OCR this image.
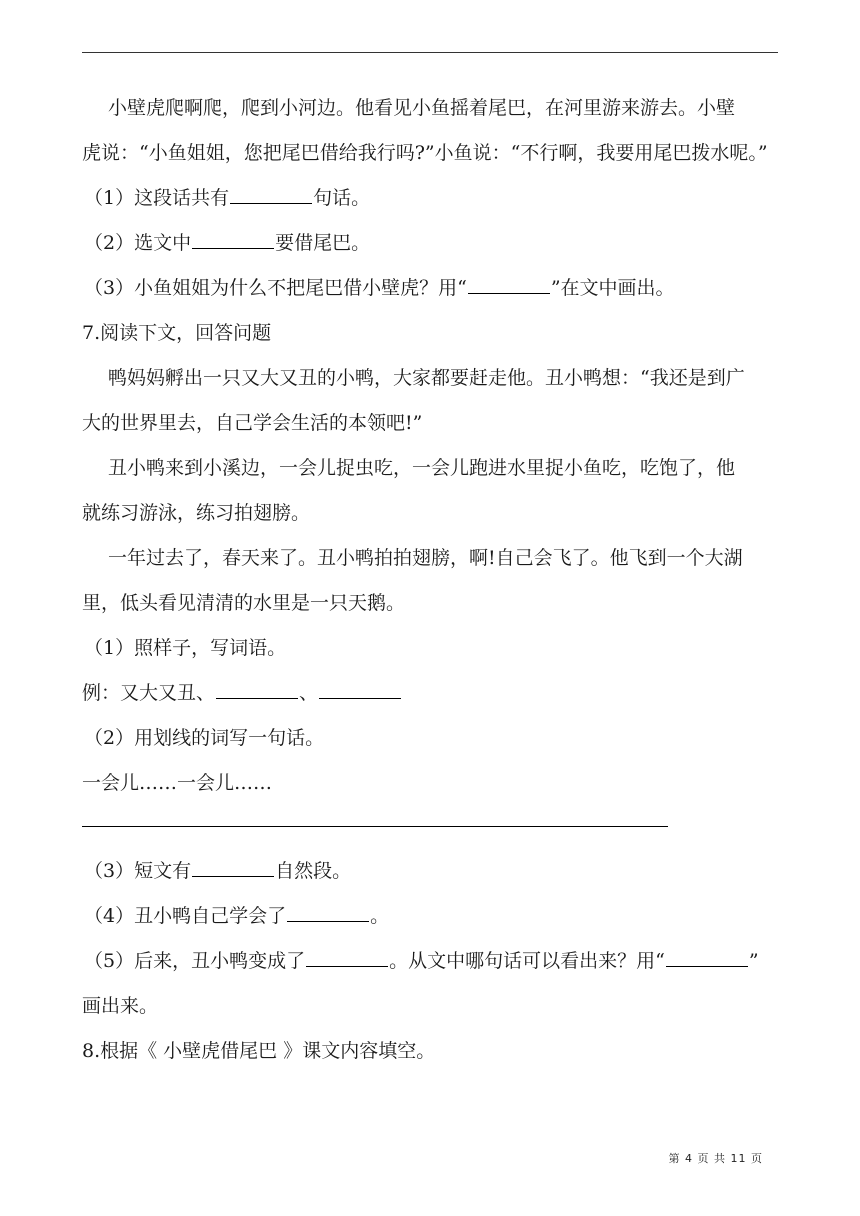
小壁虎爬啊爬，爬到小河边。他看见小鱼摇着尾巴，在河里游来游去。小壁
虎说：“小鱼姐姐，您把尾巴借给我行吗?”小鱼说：“不行啊，我要用尾巴拨水呢。”
（1）这段话共有	句话。
（2）选文中	要借尾巴。
（3）小鱼姐姐为什么不把尾巴借小壁虎？用“	”在文中画出。
7.阅读下文，回答问题
鸭妈妈孵出一只又大又丑的小鸭，大家都要赶走他。丑小鸭想：“我还是到广
大的世界里去，自己学会生活的本领吧!”
丑小鸭来到小溪边，一会儿捉虫吃，一会儿跑进水里捉小鱼吃，吃饱了，他
就练习游泳，练习拍翅膀。
一年过去了，春天来了。丑小鸭拍拍翅膀，啊!自己会飞了。他飞到一个大湖
里，低头看见清清的水里是一只天鹅。
（1）照样子，写词语。
例：又大又丑、	、
（2）用划线的词写一句话。
一会儿……一会儿……
（3）短文有	自然段。
（4）丑小鸭自己学会了	。
（5）后来，丑小鸭变成了	。从文中哪句话可以看出来？用“	”
画出来。
8.根据《 小壁虎借尾巴 》课文内容填空。
第 4 页 共 11 页
